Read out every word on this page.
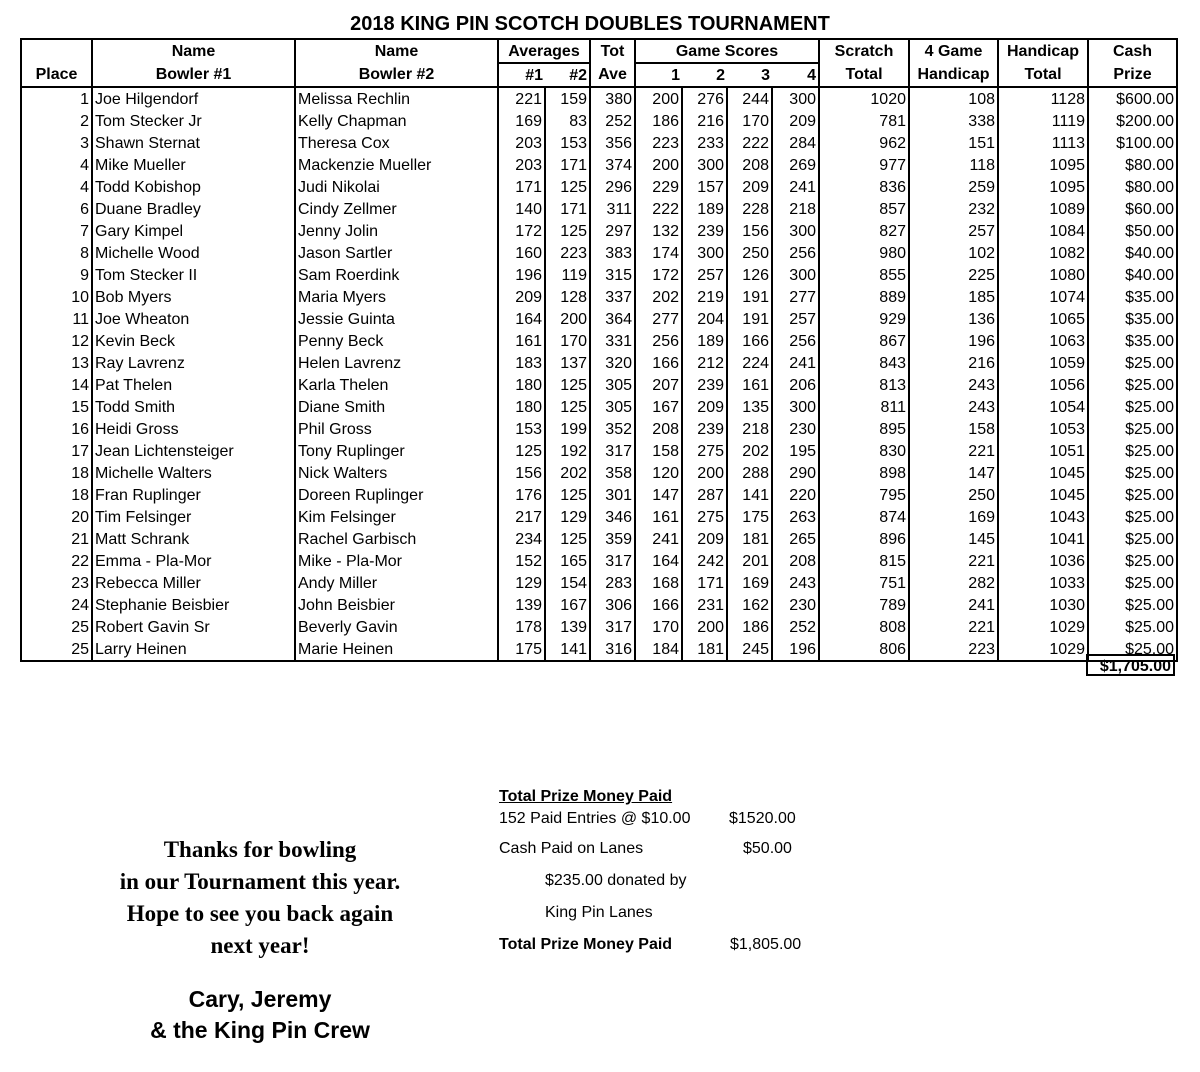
2018 KING PIN SCOTCH DOUBLES TOURNAMENT
	Name	Name	Averages		Tot	Game Scores				Scratch	4 Game	Handicap	Cash
Place	Bowler #1	Bowler #2	#1	#2	Ave	1	2	3	4	Total	Handicap	Total	Prize
1	Joe Hilgendorf	Melissa Rechlin	221	159	380	200	276	244	300	1020	108	1128	$600.00
2	Tom Stecker Jr	Kelly Chapman	169	83	252	186	216	170	209	781	338	1119	$200.00
3	Shawn Sternat	Theresa Cox	203	153	356	223	233	222	284	962	151	1113	$100.00
4	Mike Mueller	Mackenzie Mueller	203	171	374	200	300	208	269	977	118	1095	$80.00
4	Todd Kobishop	Judi Nikolai	171	125	296	229	157	209	241	836	259	1095	$80.00
6	Duane Bradley	Cindy Zellmer	140	171	311	222	189	228	218	857	232	1089	$60.00
7	Gary Kimpel	Jenny Jolin	172	125	297	132	239	156	300	827	257	1084	$50.00
8	Michelle Wood	Jason Sartler	160	223	383	174	300	250	256	980	102	1082	$40.00
9	Tom Stecker II	Sam Roerdink	196	119	315	172	257	126	300	855	225	1080	$40.00
10	Bob Myers	Maria Myers	209	128	337	202	219	191	277	889	185	1074	$35.00
11	Joe Wheaton	Jessie Guinta	164	200	364	277	204	191	257	929	136	1065	$35.00
12	Kevin Beck	Penny Beck	161	170	331	256	189	166	256	867	196	1063	$35.00
13	Ray Lavrenz	Helen Lavrenz	183	137	320	166	212	224	241	843	216	1059	$25.00
14	Pat Thelen	Karla Thelen	180	125	305	207	239	161	206	813	243	1056	$25.00
15	Todd Smith	Diane Smith	180	125	305	167	209	135	300	811	243	1054	$25.00
16	Heidi Gross	Phil Gross	153	199	352	208	239	218	230	895	158	1053	$25.00
17	Jean Lichtensteiger	Tony Ruplinger	125	192	317	158	275	202	195	830	221	1051	$25.00
18	Michelle Walters	Nick Walters	156	202	358	120	200	288	290	898	147	1045	$25.00
18	Fran Ruplinger	Doreen Ruplinger	176	125	301	147	287	141	220	795	250	1045	$25.00
20	Tim Felsinger	Kim Felsinger	217	129	346	161	275	175	263	874	169	1043	$25.00
21	Matt Schrank	Rachel Garbisch	234	125	359	241	209	181	265	896	145	1041	$25.00
22	Emma - Pla-Mor	Mike - Pla-Mor	152	165	317	164	242	201	208	815	221	1036	$25.00
23	Rebecca Miller	Andy Miller	129	154	283	168	171	169	243	751	282	1033	$25.00
24	Stephanie Beisbier	John Beisbier	139	167	306	166	231	162	230	789	241	1030	$25.00
25	Robert Gavin Sr	Beverly Gavin	178	139	317	170	200	186	252	808	221	1029	$25.00
25	Larry Heinen	Marie Heinen	175	141	316	184	181	245	196	806	223	1029	$25.00
$1,705.00
Thanks for bowling
in our Tournament this year.
Hope to see you back again
next year!
Cary, Jeremy
& the King Pin Crew
Total Prize Money Paid
152 Paid Entries @ $10.00 $1520.00
Cash Paid on Lanes	$50.00
$235.00 donated by
King Pin Lanes
Total Prize Money Paid	$1,805.00
